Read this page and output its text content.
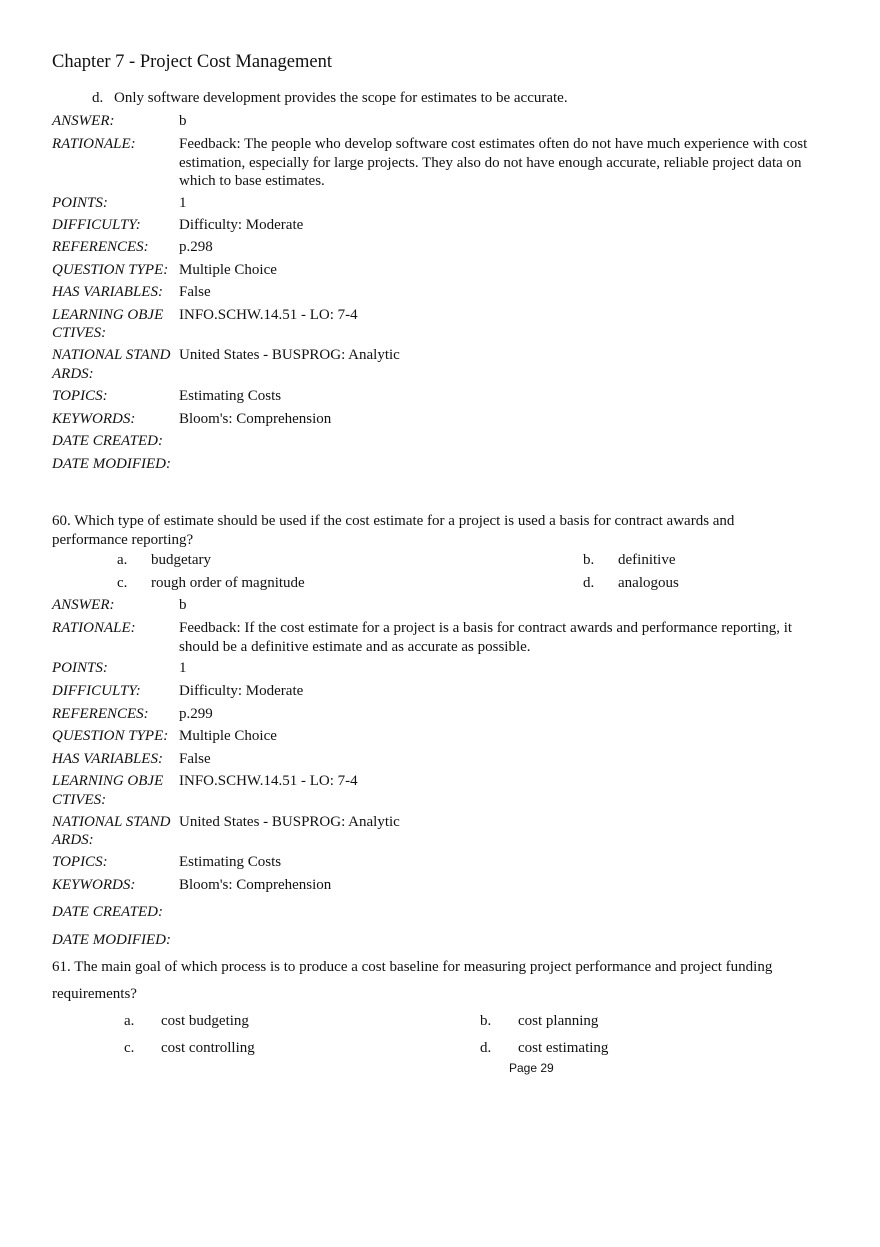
Chapter 7 - Project Cost Management
d. Only software development provides the scope for estimates to be accurate.
ANSWER:	b
RATIONALE:	Feedback: The people who develop software cost estimates often do not have much experience with cost estimation, especially for large projects. They also do not have enough accurate, reliable project data on which to base estimates.
POINTS:	1
DIFFICULTY:	Difficulty: Moderate
REFERENCES: p.298
QUESTION TYPE: Multiple Choice
HAS VARIABLES: False
LEARNING OBJE
CTIVES:
INFO.SCHW.14.51 - LO: 7-4
NATIONAL STAND
ARDS:
United States - BUSPROG: Analytic
TOPICS:	Estimating Costs
KEYWORDS:	Bloom's: Comprehension
DATE CREATED:
DATE MODIFIED:
60. Which type of estimate should be used if the cost estimate for a project is used a basis for contract awards and performance reporting?
a. budgetary	b. definitive
c. rough order of magnitude	d. analogous
ANSWER:	b
RATIONALE:	Feedback: If the cost estimate for a project is a basis for contract awards and performance reporting, it should be a definitive estimate and as accurate as possible.
POINTS:	1
DIFFICULTY:	Difficulty: Moderate
REFERENCES: p.299
QUESTION TYPE: Multiple Choice
HAS VARIABLES: False
LEARNING OBJE
CTIVES:
INFO.SCHW.14.51 - LO: 7-4
NATIONAL STAND
ARDS:
United States - BUSPROG: Analytic
TOPICS:	Estimating Costs
KEYWORDS:	Bloom's: Comprehension
DATE CREATED:
DATE MODIFIED:
61. The main goal of which process is to produce a cost baseline for measuring project performance and project funding
requirements?
a. cost budgeting	b. cost planning
c. cost controlling	d. cost estimating
Page 29
